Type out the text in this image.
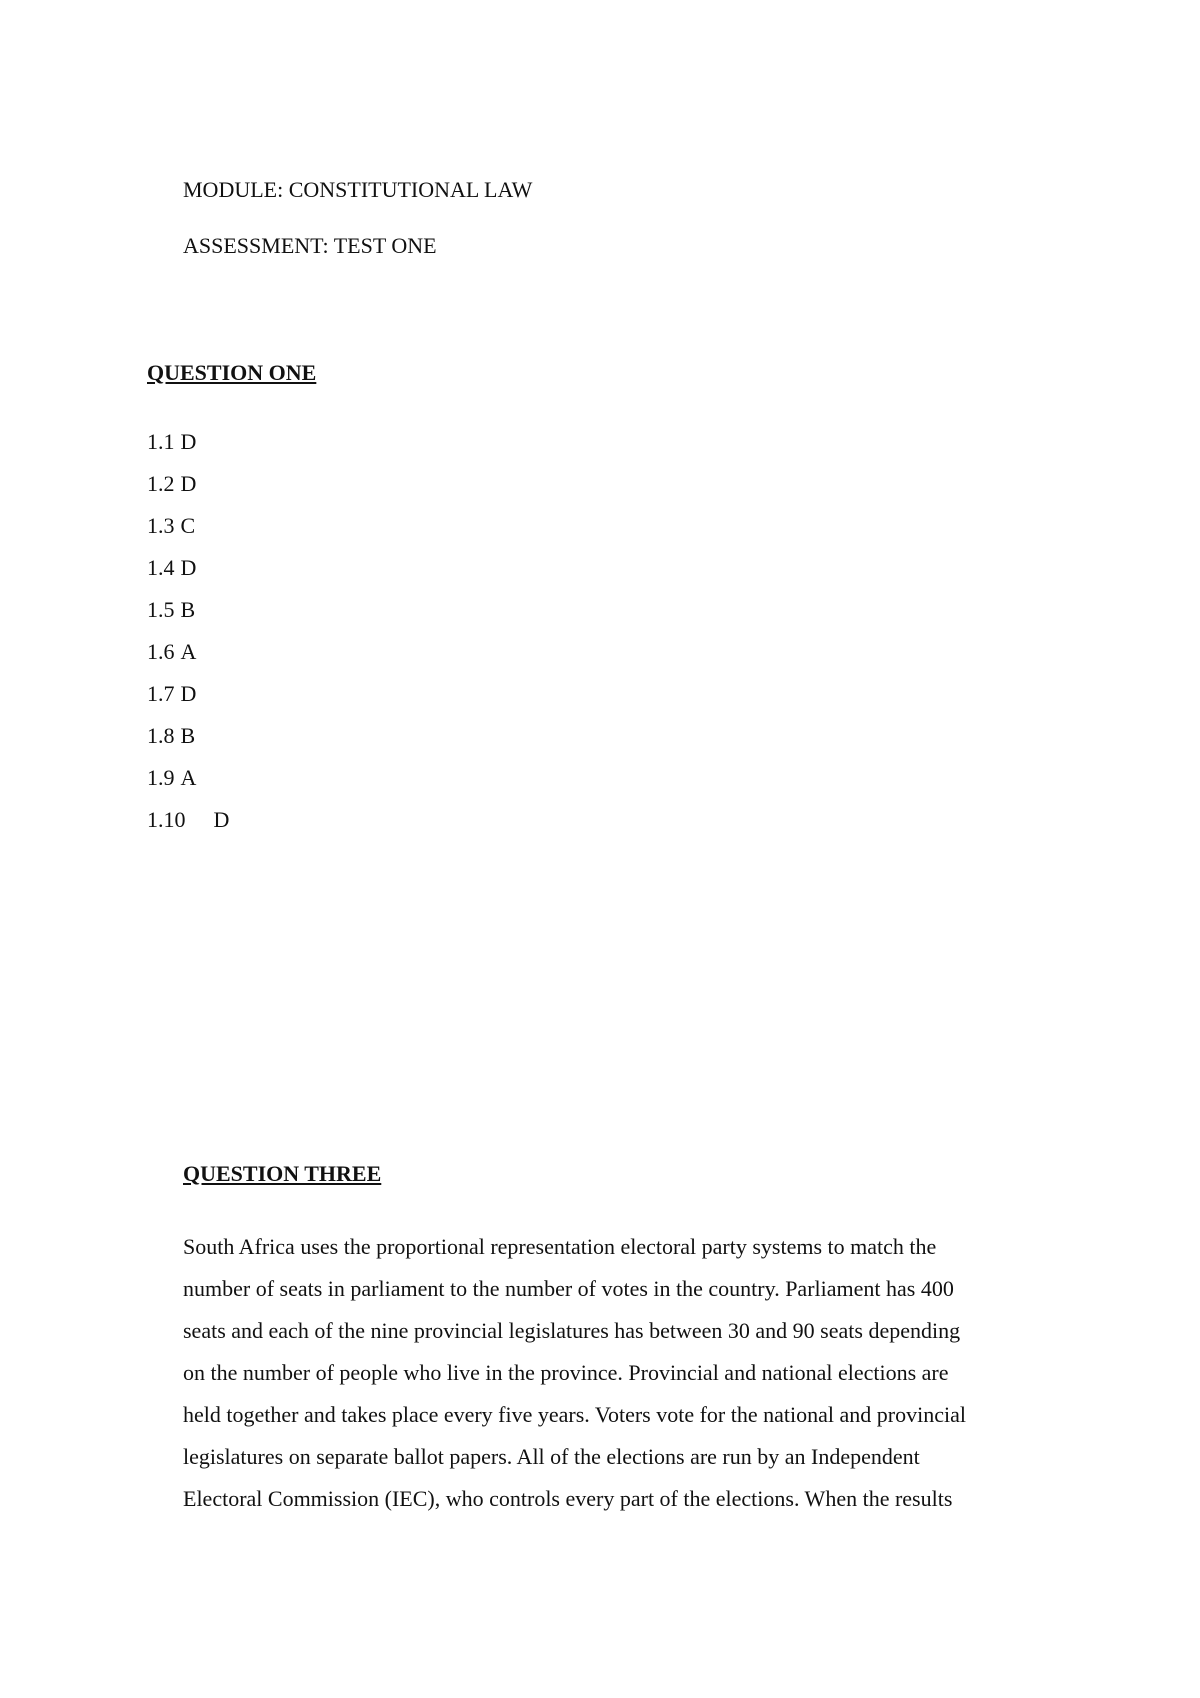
MODULE: CONSTITUTIONAL LAW
ASSESSMENT: TEST ONE
QUESTION ONE
1.1 D
1.2 D
1.3 C
1.4 D
1.5 B
1.6 A
1.7 D
1.8 B
1.9 A
1.10 D
QUESTION THREE
South Africa uses the proportional representation electoral party systems to match the
number of seats in parliament to the number of votes in the country. Parliament has 400
seats and each of the nine provincial legislatures has between 30 and 90 seats depending
on the number of people who live in the province. Provincial and national elections are
held together and takes place every five years. Voters vote for the national and provincial
legislatures on separate ballot papers. All of the elections are run by an Independent
Electoral Commission (IEC), who controls every part of the elections. When the results
